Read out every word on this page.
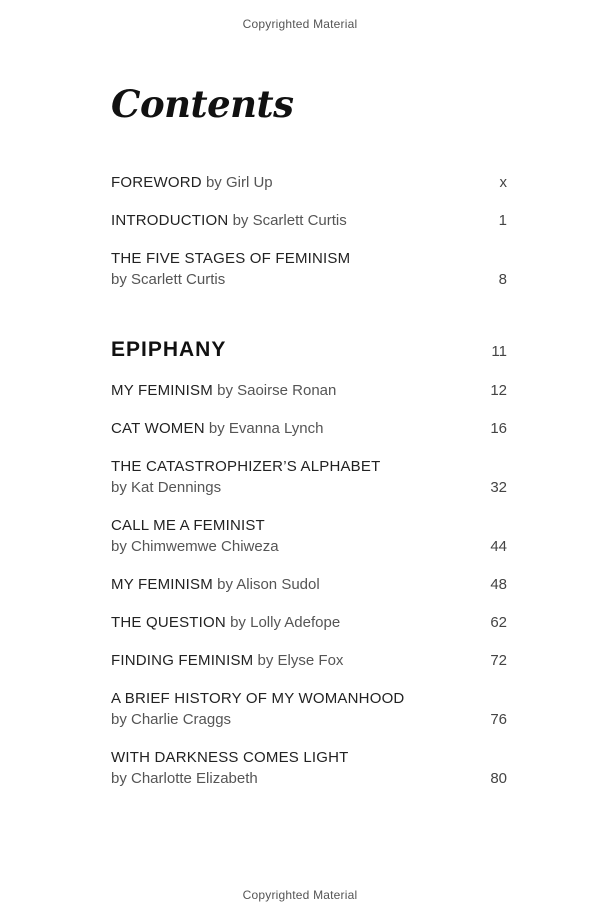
Copyrighted Material
Contents
FOREWORD by Girl Up	x
INTRODUCTION by Scarlett Curtis	1
THE FIVE STAGES OF FEMINISM
by Scarlett Curtis	8
EPIPHANY	11
MY FEMINISM by Saoirse Ronan	12
CAT WOMEN by Evanna Lynch	16
THE CATASTROPHIZER’S ALPHABET
by Kat Dennings	32
CALL ME A FEMINIST
by Chimwemwe Chiweza	44
MY FEMINISM by Alison Sudol	48
THE QUESTION by Lolly Adefope	62
FINDING FEMINISM by Elyse Fox	72
A BRIEF HISTORY OF MY WOMANHOOD
by Charlie Craggs	76
WITH DARKNESS COMES LIGHT
by Charlotte Elizabeth	80
Copyrighted Material
